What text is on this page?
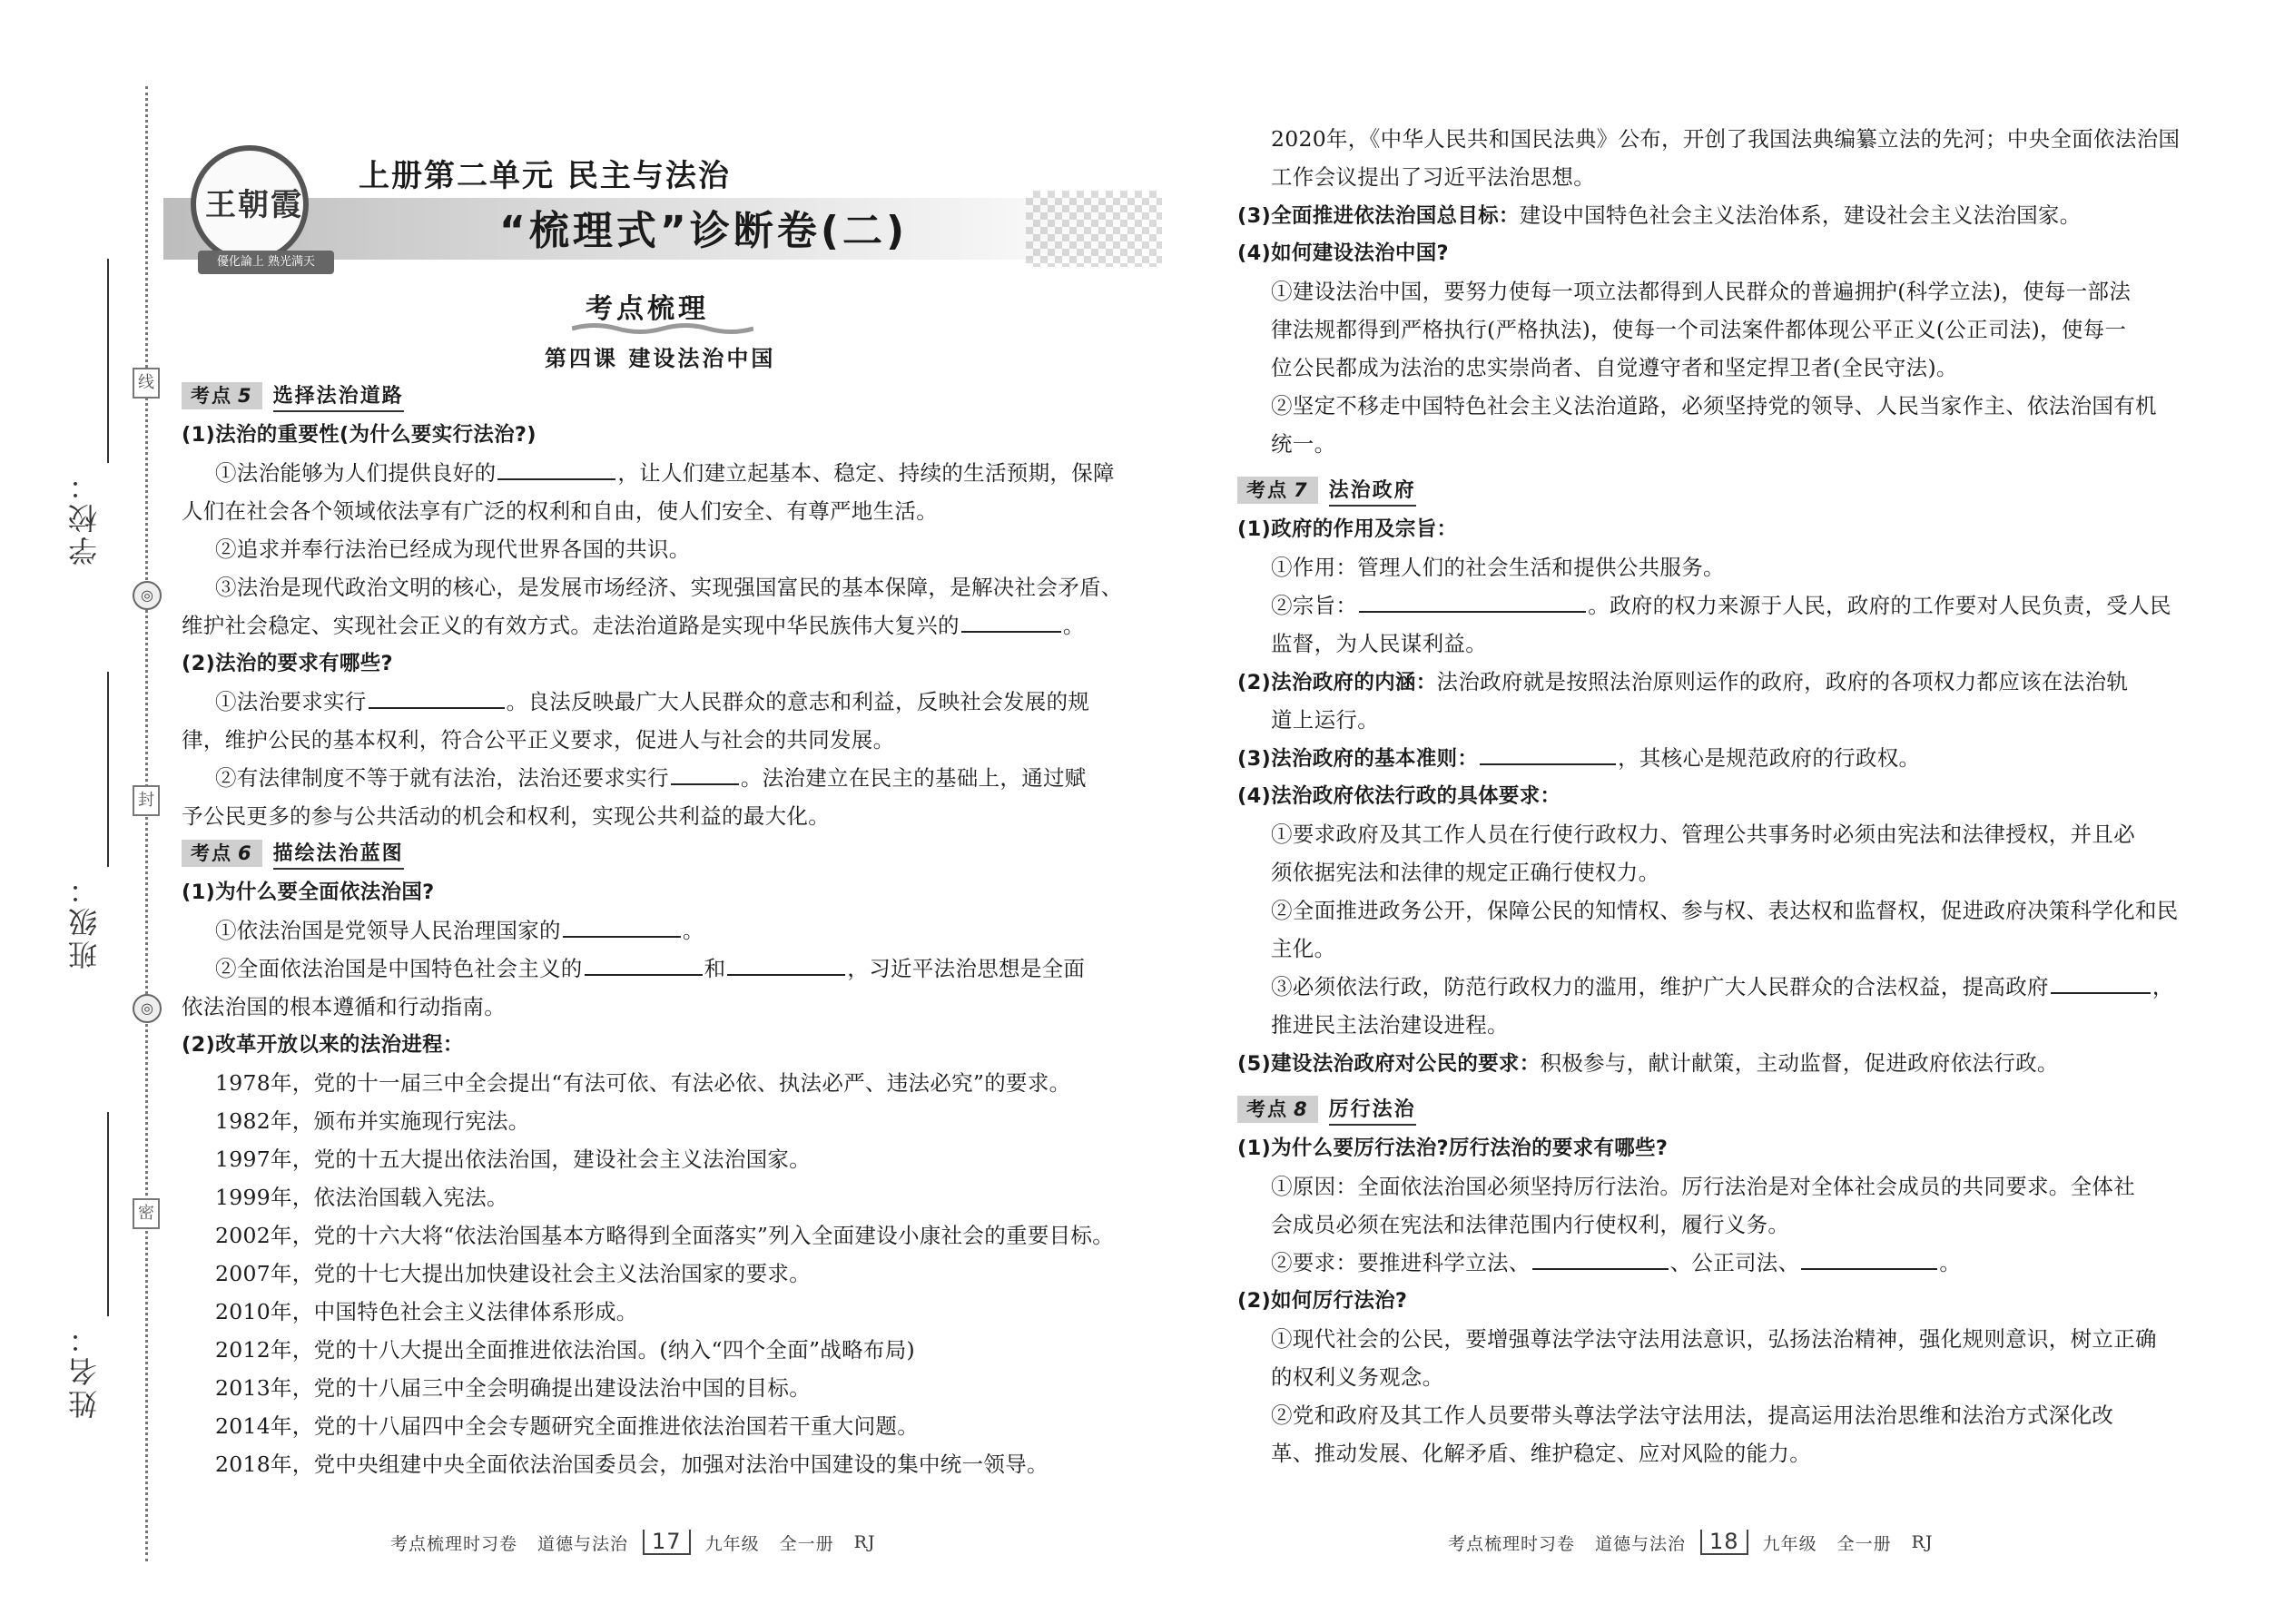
线
◎
封
◎
密
学校：
班级：
姓名：
王朝霞
優化論上 熟光满天
上册第二单元 民主与法治
“梳理式”诊断卷(二)
考点梳理
第四课 建设法治中国
考点 5	选择法治道路
(1)法治的重要性(为什么要实行法治?)
①法治能够为人们提供良好的	，让人们建立起基本、稳定、持续的生活预期，保障
人们在社会各个领域依法享有广泛的权利和自由，使人们安全、有尊严地生活。
②追求并奉行法治已经成为现代世界各国的共识。
③法治是现代政治文明的核心，是发展市场经济、实现强国富民的基本保障，是解决社会矛盾、
维护社会稳定、实现社会正义的有效方式。走法治道路是实现中华民族伟大复兴的	。
(2)法治的要求有哪些?
①法治要求实行	。良法反映最广大人民群众的意志和利益，反映社会发展的规
律，维护公民的基本权利，符合公平正义要求，促进人与社会的共同发展。
②有法律制度不等于就有法治，法治还要求实行	。法治建立在民主的基础上，通过赋
予公民更多的参与公共活动的机会和权利，实现公共利益的最大化。
考点 6	描绘法治蓝图
(1)为什么要全面依法治国?
①依法治国是党领导人民治理国家的	。
②全面依法治国是中国特色社会主义的	和	，习近平法治思想是全面
依法治国的根本遵循和行动指南。
(2)改革开放以来的法治进程：
1978年，党的十一届三中全会提出“有法可依、有法必依、执法必严、违法必究”的要求。
1982年，颁布并实施现行宪法。
1997年，党的十五大提出依法治国，建设社会主义法治国家。
1999年，依法治国载入宪法。
2002年，党的十六大将“依法治国基本方略得到全面落实”列入全面建设小康社会的重要目标。
2007年，党的十七大提出加快建设社会主义法治国家的要求。
2010年，中国特色社会主义法律体系形成。
2012年，党的十八大提出全面推进依法治国。(纳入“四个全面”战略布局)
2013年，党的十八届三中全会明确提出建设法治中国的目标。
2014年，党的十八届四中全会专题研究全面推进依法治国若干重大问题。
2018年，党中央组建中央全面依法治国委员会，加强对法治中国建设的集中统一领导。
2020年，《中华人民共和国民法典》公布，开创了我国法典编纂立法的先河；中央全面依法治国
工作会议提出了习近平法治思想。
(3)全面推进依法治国总目标：建设中国特色社会主义法治体系，建设社会主义法治国家。
(4)如何建设法治中国?
①建设法治中国，要努力使每一项立法都得到人民群众的普遍拥护(科学立法)，使每一部法
律法规都得到严格执行(严格执法)，使每一个司法案件都体现公平正义(公正司法)，使每一
位公民都成为法治的忠实崇尚者、自觉遵守者和坚定捍卫者(全民守法)。
②坚定不移走中国特色社会主义法治道路，必须坚持党的领导、人民当家作主、依法治国有机
统一。
考点 7	法治政府
(1)政府的作用及宗旨：
①作用：管理人们的社会生活和提供公共服务。
②宗旨：	。政府的权力来源于人民，政府的工作要对人民负责，受人民
监督，为人民谋利益。
(2)法治政府的内涵：法治政府就是按照法治原则运作的政府，政府的各项权力都应该在法治轨
道上运行。
(3)法治政府的基本准则：	，其核心是规范政府的行政权。
(4)法治政府依法行政的具体要求：
①要求政府及其工作人员在行使行政权力、管理公共事务时必须由宪法和法律授权，并且必
须依据宪法和法律的规定正确行使权力。
②全面推进政务公开，保障公民的知情权、参与权、表达权和监督权，促进政府决策科学化和民
主化。
③必须依法行政，防范行政权力的滥用，维护广大人民群众的合法权益，提高政府	，
推进民主法治建设进程。
(5)建设法治政府对公民的要求：积极参与，献计献策，主动监督，促进政府依法行政。
考点 8	厉行法治
(1)为什么要厉行法治?厉行法治的要求有哪些?
①原因：全面依法治国必须坚持厉行法治。厉行法治是对全体社会成员的共同要求。全体社
会成员必须在宪法和法律范围内行使权利，履行义务。
②要求：要推进科学立法、	、公正司法、	。
(2)如何厉行法治?
①现代社会的公民，要增强尊法学法守法用法意识，弘扬法治精神，强化规则意识，树立正确
的权利义务观念。
②党和政府及其工作人员要带头尊法学法守法用法，提高运用法治思维和法治方式深化改
革、推动发展、化解矛盾、维护稳定、应对风险的能力。
考点梳理时习卷 道德与法治	17	九年级 全一册 RJ	考点梳理时习卷 道德与法治	18	九年级 全一册 RJ
